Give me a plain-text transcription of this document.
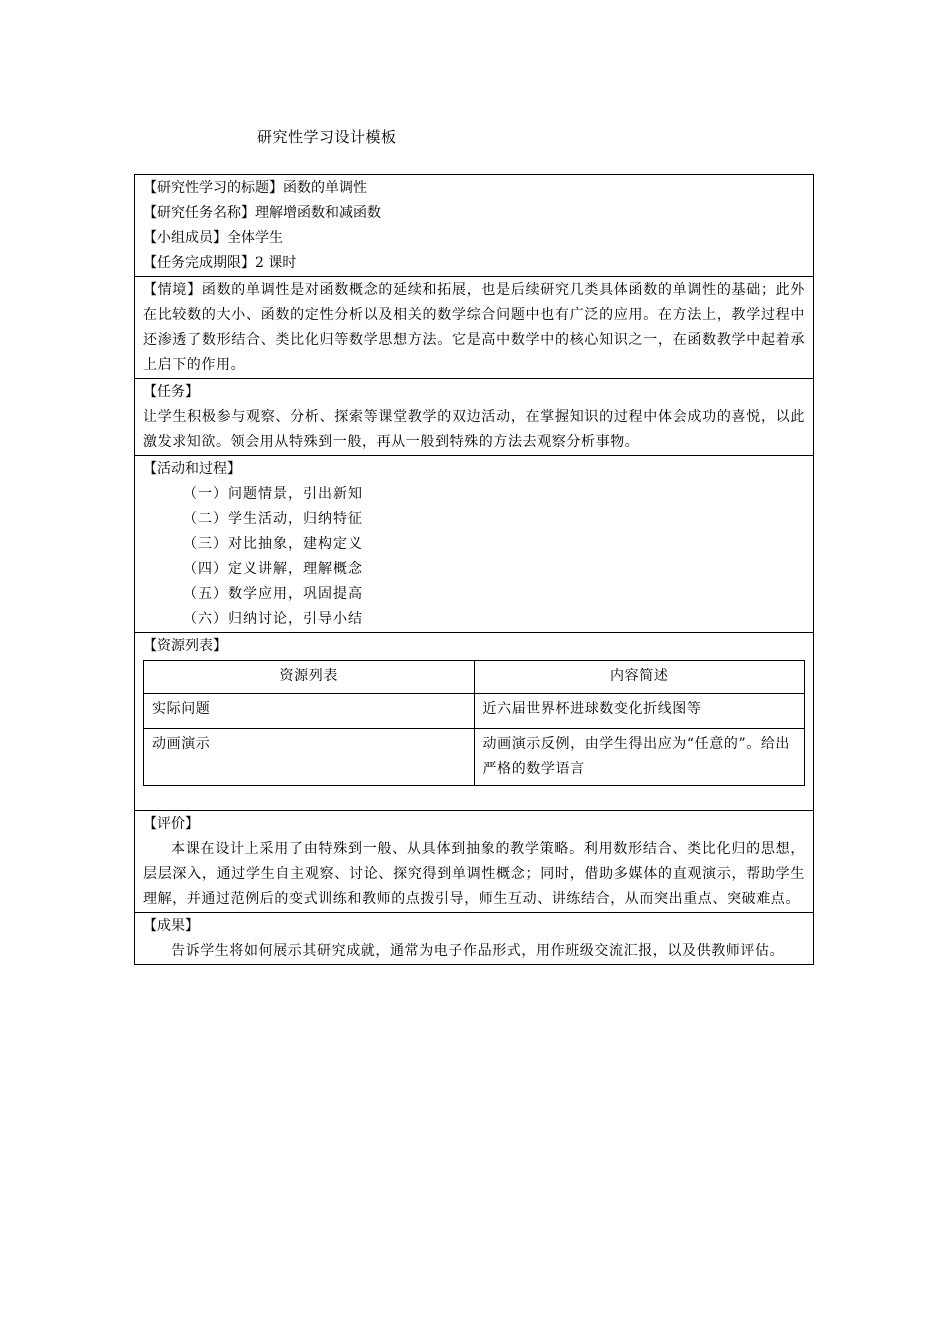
研究性学习设计模板
【研究性学习的标题】函数的单调性
【研究任务名称】理解增函数和减函数
【小组成员】全体学生
【任务完成期限】2 课时
【情境】函数的单调性是对函数概念的延续和拓展，也是后续研究几类具体函数的单调性的基础；此外在比较数的大小、函数的定性分析以及相关的数学综合问题中也有广泛的应用。在方法上，教学过程中还渗透了数形结合、类比化归等数学思想方法。它是高中数学中的核心知识之一，在函数教学中起着承上启下的作用。
【任务】
让学生积极参与观察、分析、探索等课堂教学的双边活动，在掌握知识的过程中体会成功的喜悦，以此激发求知欲。领会用从特殊到一般，再从一般到特殊的方法去观察分析事物。
【活动和过程】
（一）问题情景，引出新知
（二）学生活动，归纳特征
（三）对比抽象，建构定义
（四）定义讲解，理解概念
（五）数学应用，巩固提高
（六）归纳讨论，引导小结
【资源列表】
资源列表	内容简述
实际问题	近六届世界杯进球数变化折线图等
动画演示	动画演示反例，由学生得出应为“任意的”。给出严格的数学语言
【评价】
本课在设计上采用了由特殊到一般、从具体到抽象的教学策略。利用数形结合、类比化归的思想，层层深入，通过学生自主观察、讨论、探究得到单调性概念；同时，借助多媒体的直观演示，帮助学生理解，并通过范例后的变式训练和教师的点拨引导，师生互动、讲练结合，从而突出重点、突破难点。
【成果】
告诉学生将如何展示其研究成就，通常为电子作品形式，用作班级交流汇报，以及供教师评估。
